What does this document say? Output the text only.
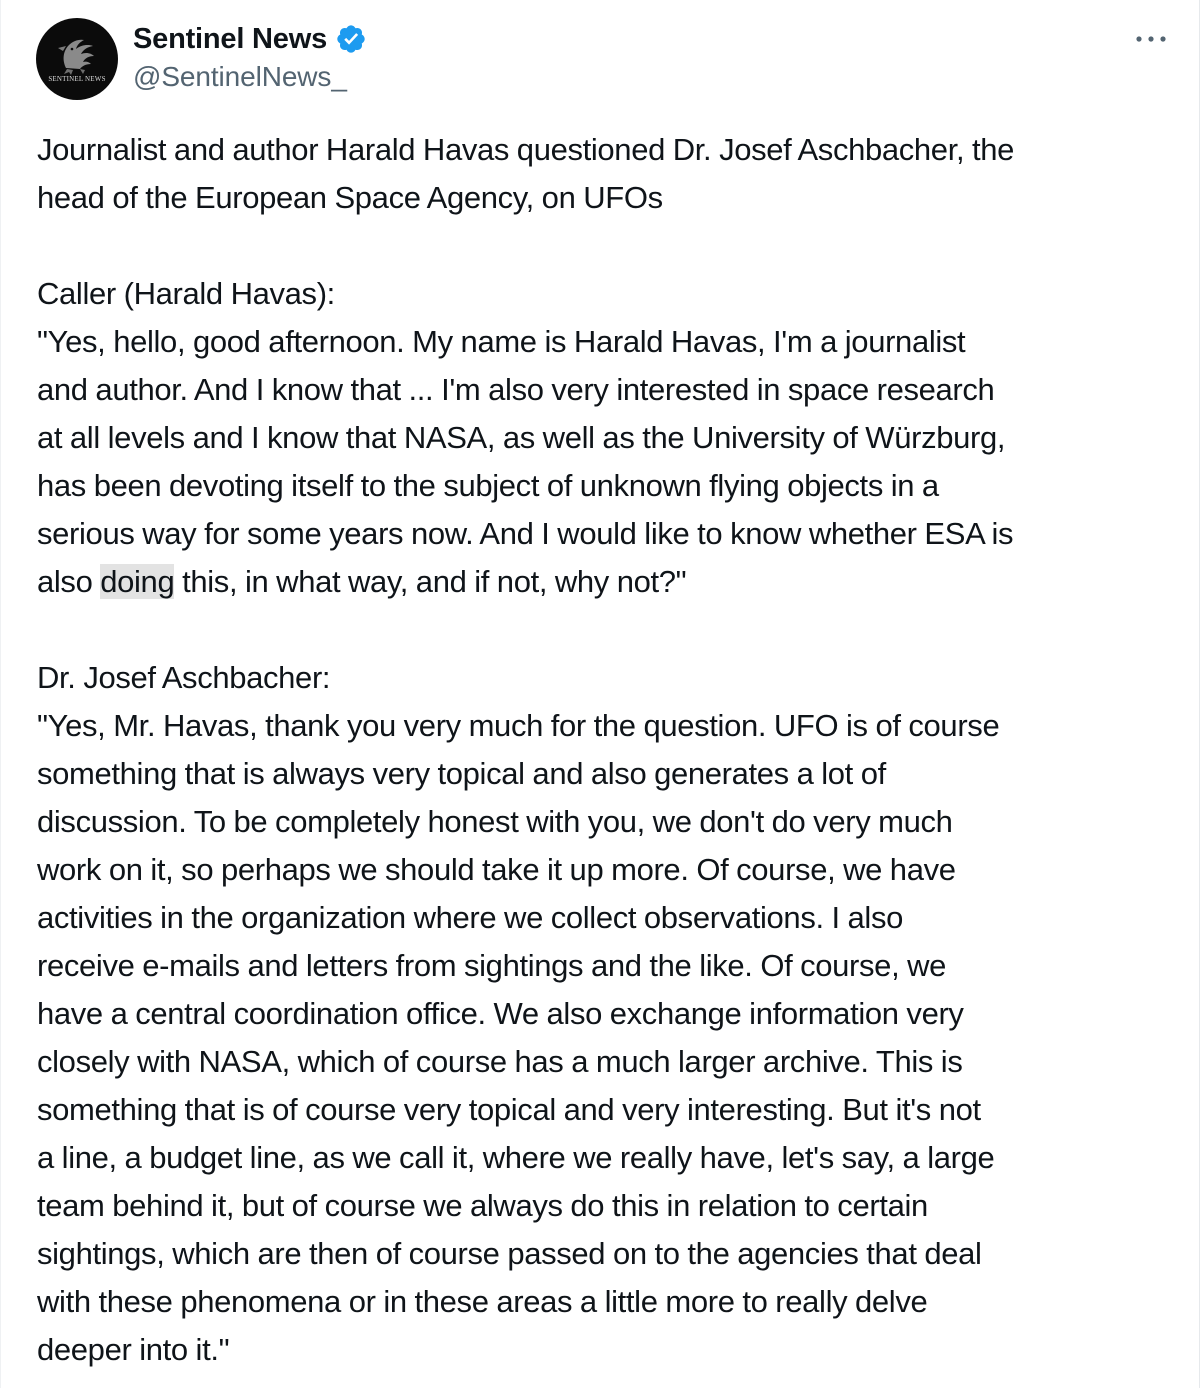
SENTINEL NEWS
Sentinel News
@SentinelNews_
Journalist and author Harald Havas questioned Dr. Josef Aschbacher, the
head of the European Space Agency, on UFOs
Caller (Harald Havas):
"Yes, hello, good afternoon. My name is Harald Havas, I'm a journalist
and author. And I know that ... I'm also very interested in space research
at all levels and I know that NASA, as well as the University of Würzburg,
has been devoting itself to the subject of unknown flying objects in a
serious way for some years now. And I would like to know whether ESA is
also doing this, in what way, and if not, why not?"
Dr. Josef Aschbacher:
"Yes, Mr. Havas, thank you very much for the question. UFO is of course
something that is always very topical and also generates a lot of
discussion. To be completely honest with you, we don't do very much
work on it, so perhaps we should take it up more. Of course, we have
activities in the organization where we collect observations. I also
receive e-mails and letters from sightings and the like. Of course, we
have a central coordination office. We also exchange information very
closely with NASA, which of course has a much larger archive. This is
something that is of course very topical and very interesting. But it's not
a line, a budget line, as we call it, where we really have, let's say, a large
team behind it, but of course we always do this in relation to certain
sightings, which are then of course passed on to the agencies that deal
with these phenomena or in these areas a little more to really delve
deeper into it."
